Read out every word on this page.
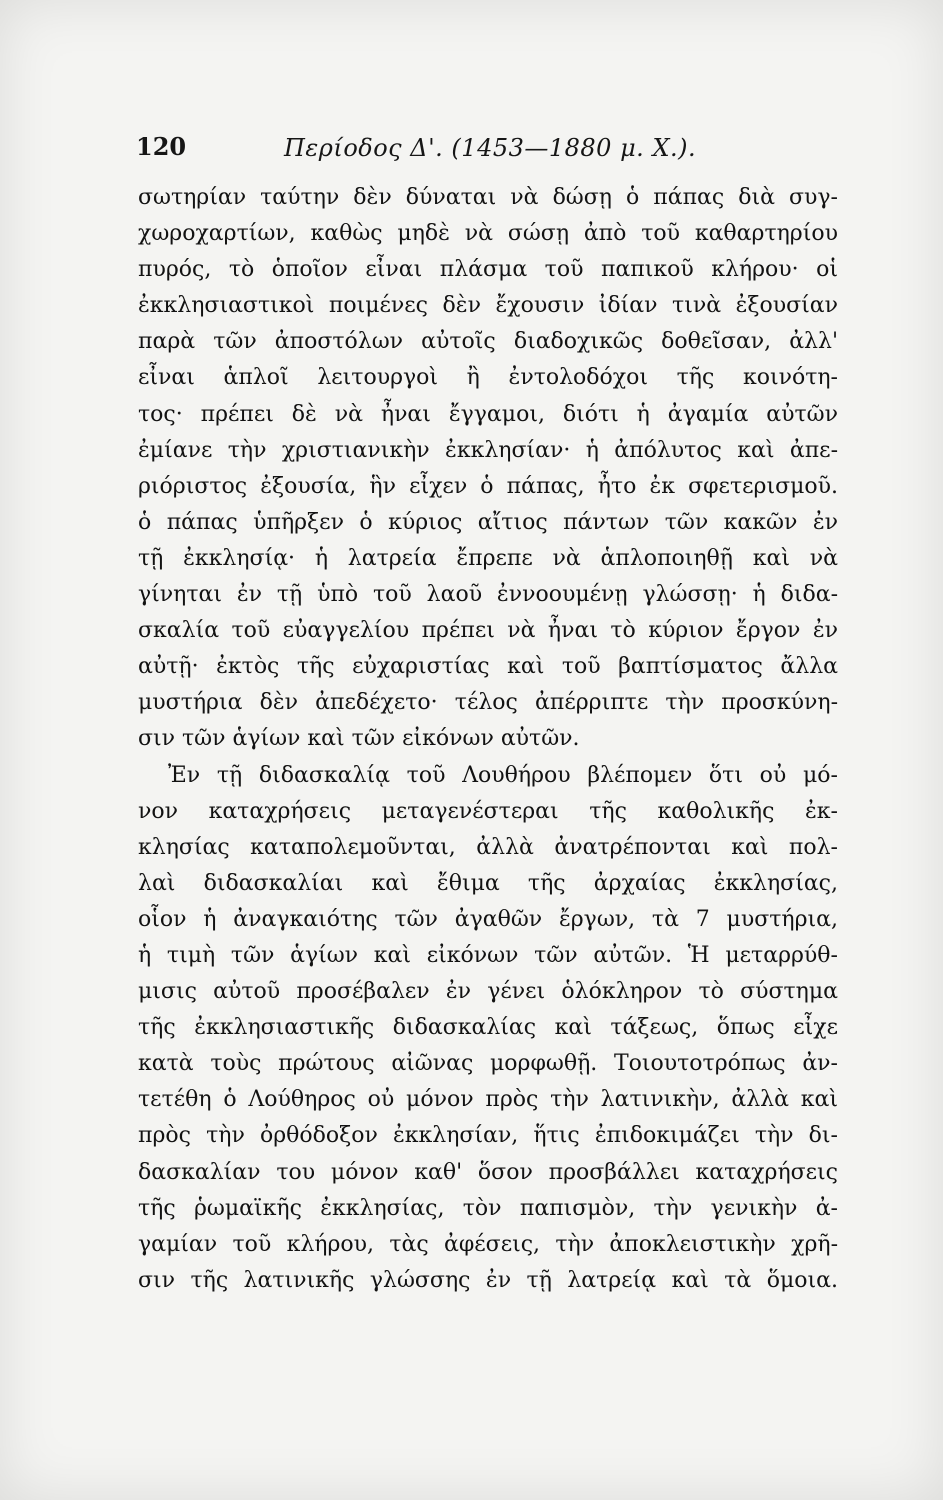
120	Περίοδος Δ'. (1453—1880 μ. Χ.).
σωτηρίαν ταύτην δὲν δύναται νὰ δώσῃ ὁ πάπας διὰ συγ-
χωροχαρτίων, καθὼς μηδὲ νὰ σώσῃ ἀπὸ τοῦ καθαρτηρίου
πυρός, τὸ ὁποῖον εἶναι πλάσμα τοῦ παπικοῦ κλήρου· οἱ
ἐκκλησιαστικοὶ ποιμένες δὲν ἔχουσιν ἰδίαν τινὰ ἐξουσίαν
παρὰ τῶν ἀποστόλων αὐτοῖς διαδοχικῶς δοθεῖσαν, ἀλλ'
εἶναι ἁπλοῖ λειτουργοὶ ἢ ἐντολοδόχοι τῆς κοινότη-
τος· πρέπει δὲ νὰ ἦναι ἔγγαμοι, διότι ἡ ἀγαμία αὐτῶν
ἐμίανε τὴν χριστιανικὴν ἐκκλησίαν· ἡ ἀπόλυτος καὶ ἀπε-
ριόριστος ἐξουσία, ἣν εἶχεν ὁ πάπας, ἦτο ἐκ σφετερισμοῦ.
ὁ πάπας ὑπῆρξεν ὁ κύριος αἴτιος πάντων τῶν κακῶν ἐν
τῇ ἐκκλησίᾳ· ἡ λατρεία ἔπρεπε νὰ ἁπλοποιηθῇ καὶ νὰ
γίνηται ἐν τῇ ὑπὸ τοῦ λαοῦ ἐννοουμένῃ γλώσσῃ· ἡ διδα-
σκαλία τοῦ εὐαγγελίου πρέπει νὰ ἦναι τὸ κύριον ἔργον ἐν
αὐτῇ· ἐκτὸς τῆς εὐχαριστίας καὶ τοῦ βαπτίσματος ἄλλα
μυστήρια δὲν ἀπεδέχετο· τέλος ἀπέρριπτε τὴν προσκύνη-
σιν τῶν ἁγίων καὶ τῶν εἰκόνων αὐτῶν.
Ἐν τῇ διδασκαλίᾳ τοῦ Λουθήρου βλέπομεν ὅτι οὐ μό-
νον καταχρήσεις μεταγενέστεραι τῆς καθολικῆς ἐκ-
κλησίας καταπολεμοῦνται, ἀλλὰ ἀνατρέπονται καὶ πολ-
λαὶ διδασκαλίαι καὶ ἔθιμα τῆς ἀρχαίας ἐκκλησίας,
οἷον ἡ ἀναγκαιότης τῶν ἀγαθῶν ἔργων, τὰ 7 μυστήρια,
ἡ τιμὴ τῶν ἁγίων καὶ εἰκόνων τῶν αὐτῶν. Ἡ μεταρρύθ-
μισις αὐτοῦ προσέβαλεν ἐν γένει ὁλόκληρον τὸ σύστημα
τῆς ἐκκλησιαστικῆς διδασκαλίας καὶ τάξεως, ὅπως εἶχε
κατὰ τοὺς πρώτους αἰῶνας μορφωθῇ. Τοιουτοτρόπως ἀν-
τετέθη ὁ Λούθηρος οὐ μόνον πρὸς τὴν λατινικὴν, ἀλλὰ καὶ
πρὸς τὴν ὀρθόδοξον ἐκκλησίαν, ἥτις ἐπιδοκιμάζει τὴν δι-
δασκαλίαν του μόνον καθ' ὅσον προσβάλλει καταχρήσεις
τῆς ῥωμαϊκῆς ἐκκλησίας, τὸν παπισμὸν, τὴν γενικὴν ἀ-
γαμίαν τοῦ κλήρου, τὰς ἀφέσεις, τὴν ἀποκλειστικὴν χρῆ-
σιν τῆς λατινικῆς γλώσσης ἐν τῇ λατρείᾳ καὶ τὰ ὅμοια.
